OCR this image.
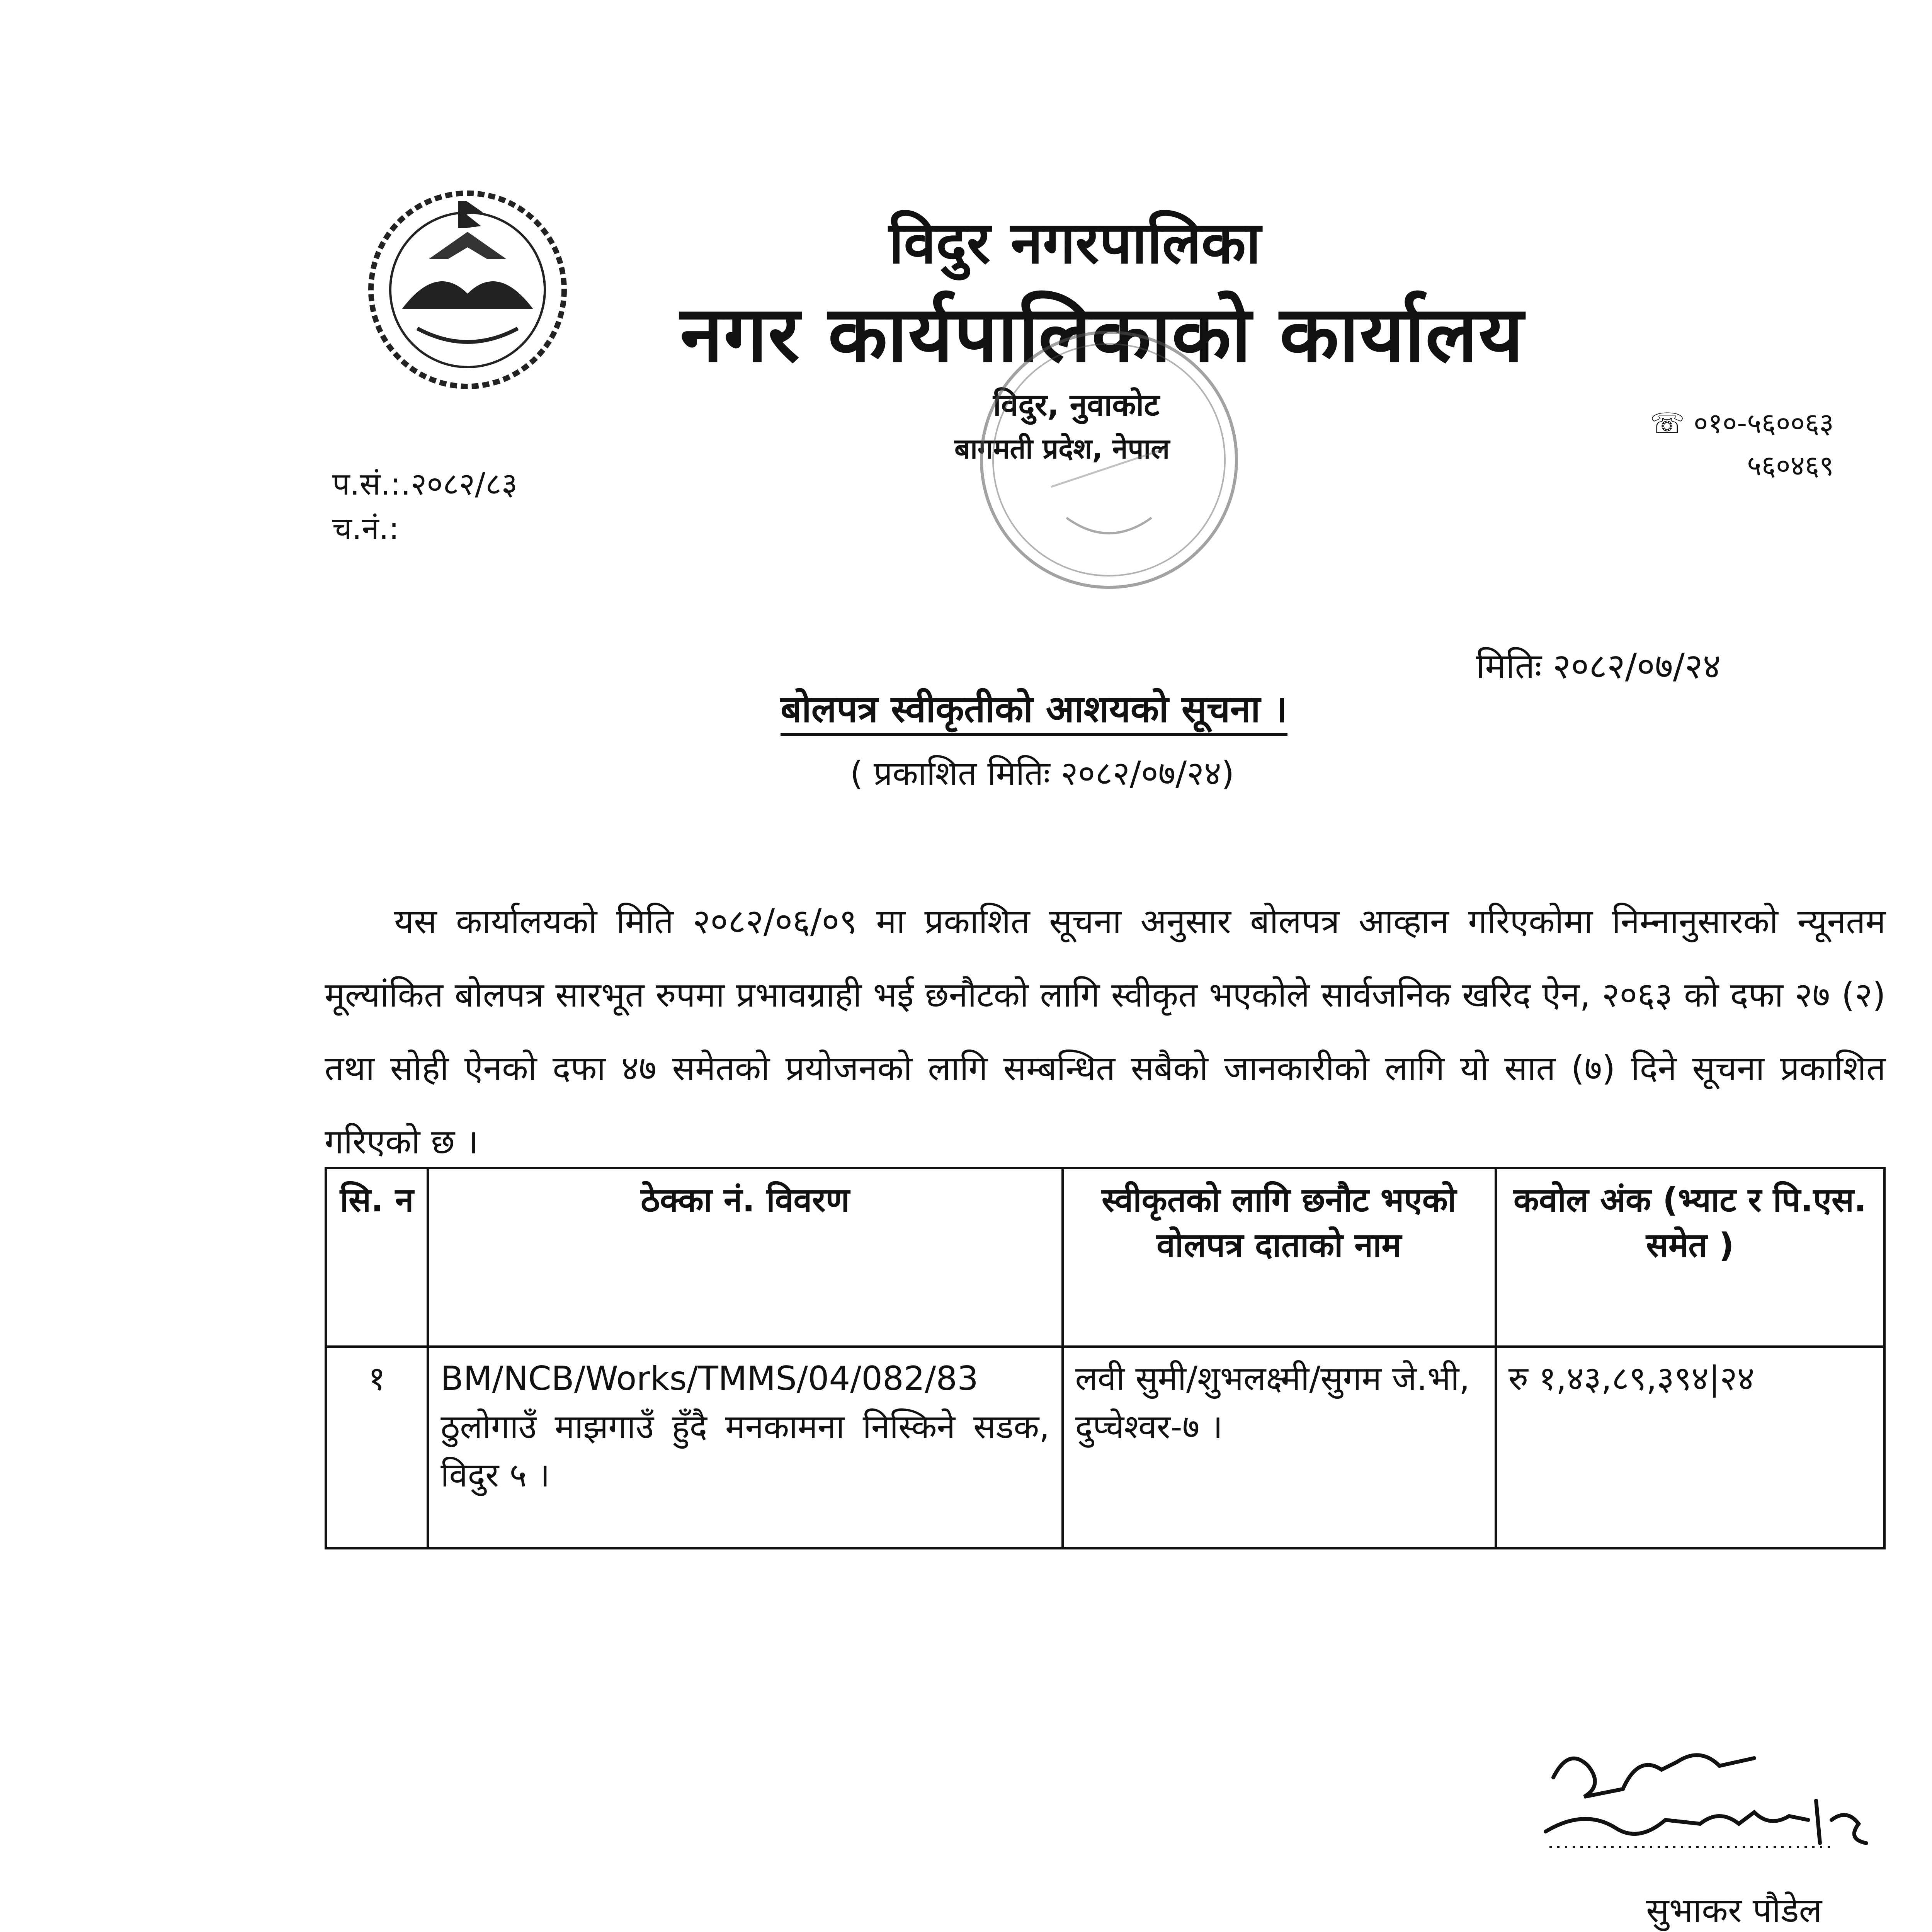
विदुर नगरपालिका
नगर कार्यपालिकाको कार्यालय
विदुर, नुवाकोट
बागमती प्रदेश, नेपाल
☏ ०१०-५६००६३
५६०४६९
प.सं.:.२०८२/८३
च.नं.:
मितिः २०८२/०७/२४
बोलपत्र स्वीकृतीको आशयको सूचना ।
( प्रकाशित मितिः २०८२/०७/२४)
यस कार्यालयको मिति २०८२/०६/०९ मा प्रकाशित सूचना अनुसार बोलपत्र आव्हान गरिएकोमा निम्नानुसारको न्यूनतम मूल्यांकित बोलपत्र सारभूत रुपमा प्रभावग्राही भई छनौटको लागि स्वीकृत भएकोले सार्वजनिक खरिद ऐन, २०६३ को दफा २७ (२) तथा सोही ऐनको दफा ४७ समेतको प्रयोजनको लागि सम्बन्धित सबैको जानकारीको लागि यो सात (७) दिने सूचना प्रकाशित गरिएको छ ।
सि. न	ठेक्का नं. विवरण	स्वीकृतको लागि छनौट भएको वोलपत्र दाताको नाम	कवोल अंक (भ्याट र पि.एस. समेत )
१	BM/NCB/Works/TMMS/04/082/83
ठुलोगाउँ माझगाउँ हुँदै मनकामना निस्किने सडक, विदुर ५ ।	लवी सुमी/शुभलक्ष्मी/सुगम जे.भी, दुप्चेश्वर-७ ।	रु १,४३,८९,३९४|२४
सुभाकर पौडेल
